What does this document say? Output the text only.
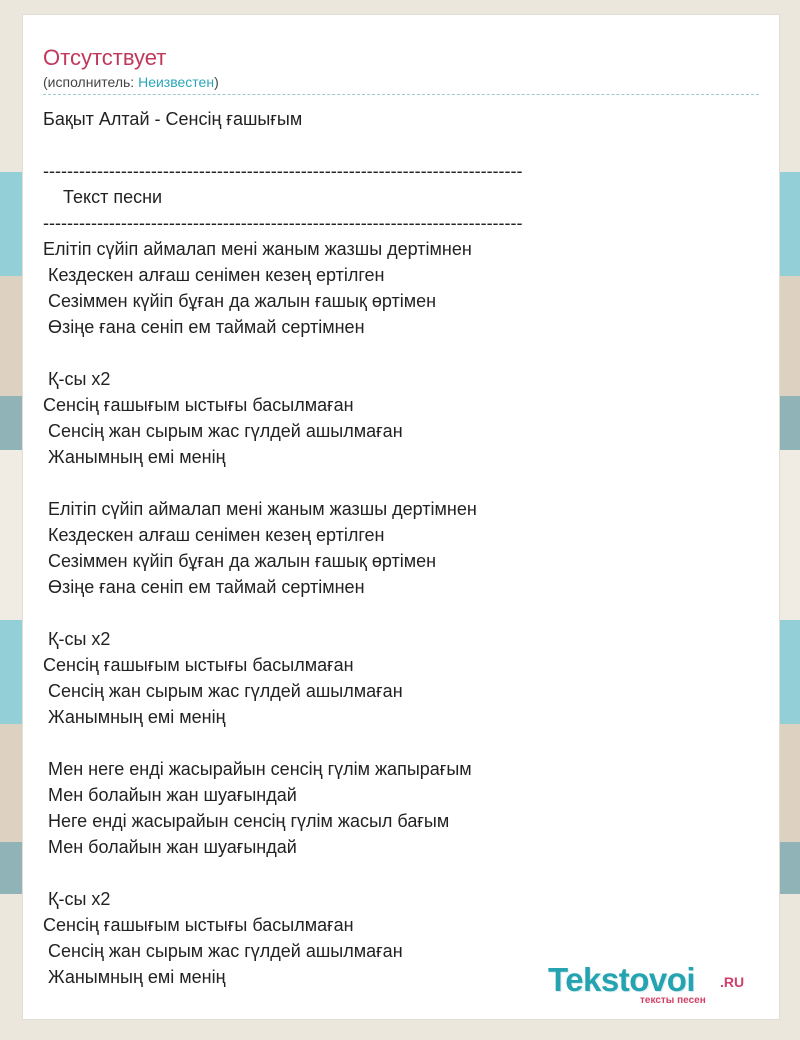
Отсутствует
(исполнитель: Неизвестен)
Бақыт Алтай - Сенсің ғашығым

--------------------------------------------------------------------------------
Текст песни
--------------------------------------------------------------------------------
Елітіп сүйіп аймалап мені жаным жазшы дертімнен
Кездескен алғаш сенімен кезең ертілген
Сезіммен күйіп бұған да жалын ғашық өртімен
Өзіңе ғана сеніп ем таймай сертімнен

Қ-сы х2
Сенсің ғашығым ыстығы басылмаған
Сенсің жан сырым жас гүлдей ашылмаған
Жанымның емі менің

Елітіп сүйіп аймалап мені жаным жазшы дертімнен
Кездескен алғаш сенімен кезең ертілген
Сезіммен күйіп бұған да жалын ғашық өртімен
Өзіңе ғана сеніп ем таймай сертімнен

Қ-сы х2
Сенсің ғашығым ыстығы басылмаған
Сенсің жан сырым жас гүлдей ашылмаған
Жанымның емі менің

Мен неге енді жасырайын сенсің гүлім жапырағым
Мен болайын жан шуағындай
Неге енді жасырайын сенсің гүлім жасыл бағым
Мен болайын жан шуағындай

Қ-сы х2
Сенсің ғашығым ыстығы басылмаған
Сенсің жан сырым жас гүлдей ашылмаған
Жанымның емі менің	Tekstovoi .RU
тексты песен
